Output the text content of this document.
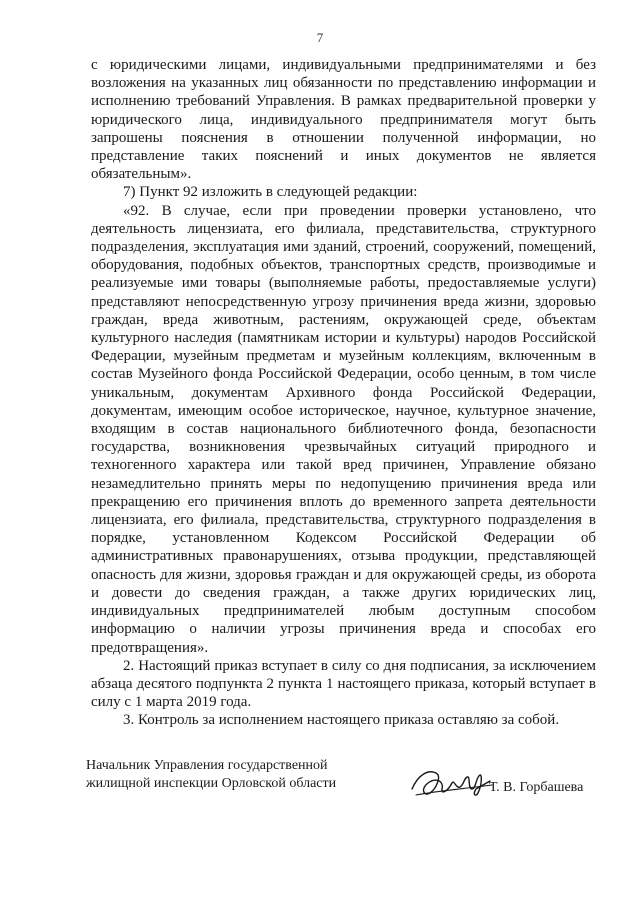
7

с юридическими лицами, индивидуальными предпринимателями и без возложения на указанных лиц обязанности по представлению информации и исполнению требований Управления. В рамках предварительной проверки у юридического лица, индивидуального предпринимателя могут быть запрошены пояснения в отношении полученной информации, но представление таких пояснений и иных документов не является обязательным».

7) Пункт 92 изложить в следующей редакции:

«92. В случае, если при проведении проверки установлено, что деятельность лицензиата, его филиала, представительства, структурного подразделения, эксплуатация ими зданий, строений, сооружений, помещений, оборудования, подобных объектов, транспортных средств, производимые и реализуемые ими товары (выполняемые работы, предоставляемые услуги) представляют непосредственную угрозу причинения вреда жизни, здоровью граждан, вреда животным, растениям, окружающей среде, объектам культурного наследия (памятникам истории и культуры) народов Российской Федерации, музейным предметам и музейным коллекциям, включенным в состав Музейного фонда Российской Федерации, особо ценным, в том числе уникальным, документам Архивного фонда Российской Федерации, документам, имеющим особое историческое, научное, культурное значение, входящим в состав национального библиотечного фонда, безопасности государства, возникновения чрезвычайных ситуаций природного и техногенного характера или такой вред причинен, Управление обязано незамедлительно принять меры по недопущению причинения вреда или прекращению его причинения вплоть до временного запрета деятельности лицензиата, его филиала, представительства, структурного подразделения в порядке, установленном Кодексом Российской Федерации об административных правонарушениях, отзыва продукции, представляющей опасность для жизни, здоровья граждан и для окружающей среды, из оборота и довести до сведения граждан, а также других юридических лиц, индивидуальных предпринимателей любым доступным способом информацию о наличии угрозы причинения вреда и способах его предотвращения».

2. Настоящий приказ вступает в силу со дня подписания, за исключением абзаца десятого подпункта 2 пункта 1 настоящего приказа, который вступает в силу с 1 марта 2019 года.

3. Контроль за исполнением настоящего приказа оставляю за собой.

Начальник Управления государственной
жилищной инспекции Орловской области	Т. В. Горбашева
